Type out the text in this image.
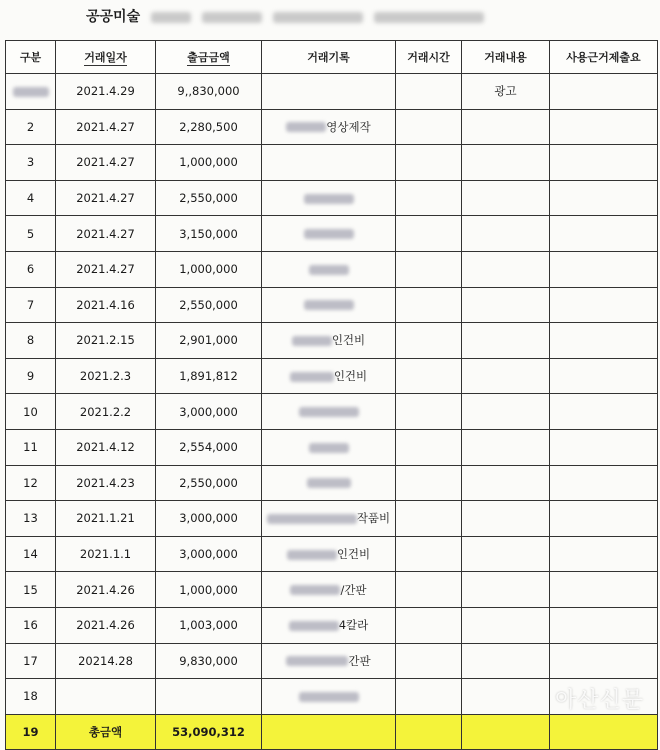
공공미술
구분	거래일자	출금금액	거래기록	거래시간	거래내용	사용근거제출요
	2021.4.29	9,,830,000			광고	
2	2021.4.27	2,280,500	영상제작			
3	2021.4.27	1,000,000				
4	2021.4.27	2,550,000				
5	2021.4.27	3,150,000				
6	2021.4.27	1,000,000				
7	2021.4.16	2,550,000				
8	2021.2.15	2,901,000	인건비			
9	2021.2.3	1,891,812	인건비			
10	2021.2.2	3,000,000				
11	2021.4.12	2,554,000				
12	2021.4.23	2,550,000				
13	2021.1.21	3,000,000	작품비			
14	2021.1.1	3,000,000	인건비			
15	2021.4.26	1,000,000	/간판			
16	2021.4.26	1,003,000	4칼라			
17	20214.28	9,830,000	간판			
18						
19	총금액	53,090,312				
아산신문
